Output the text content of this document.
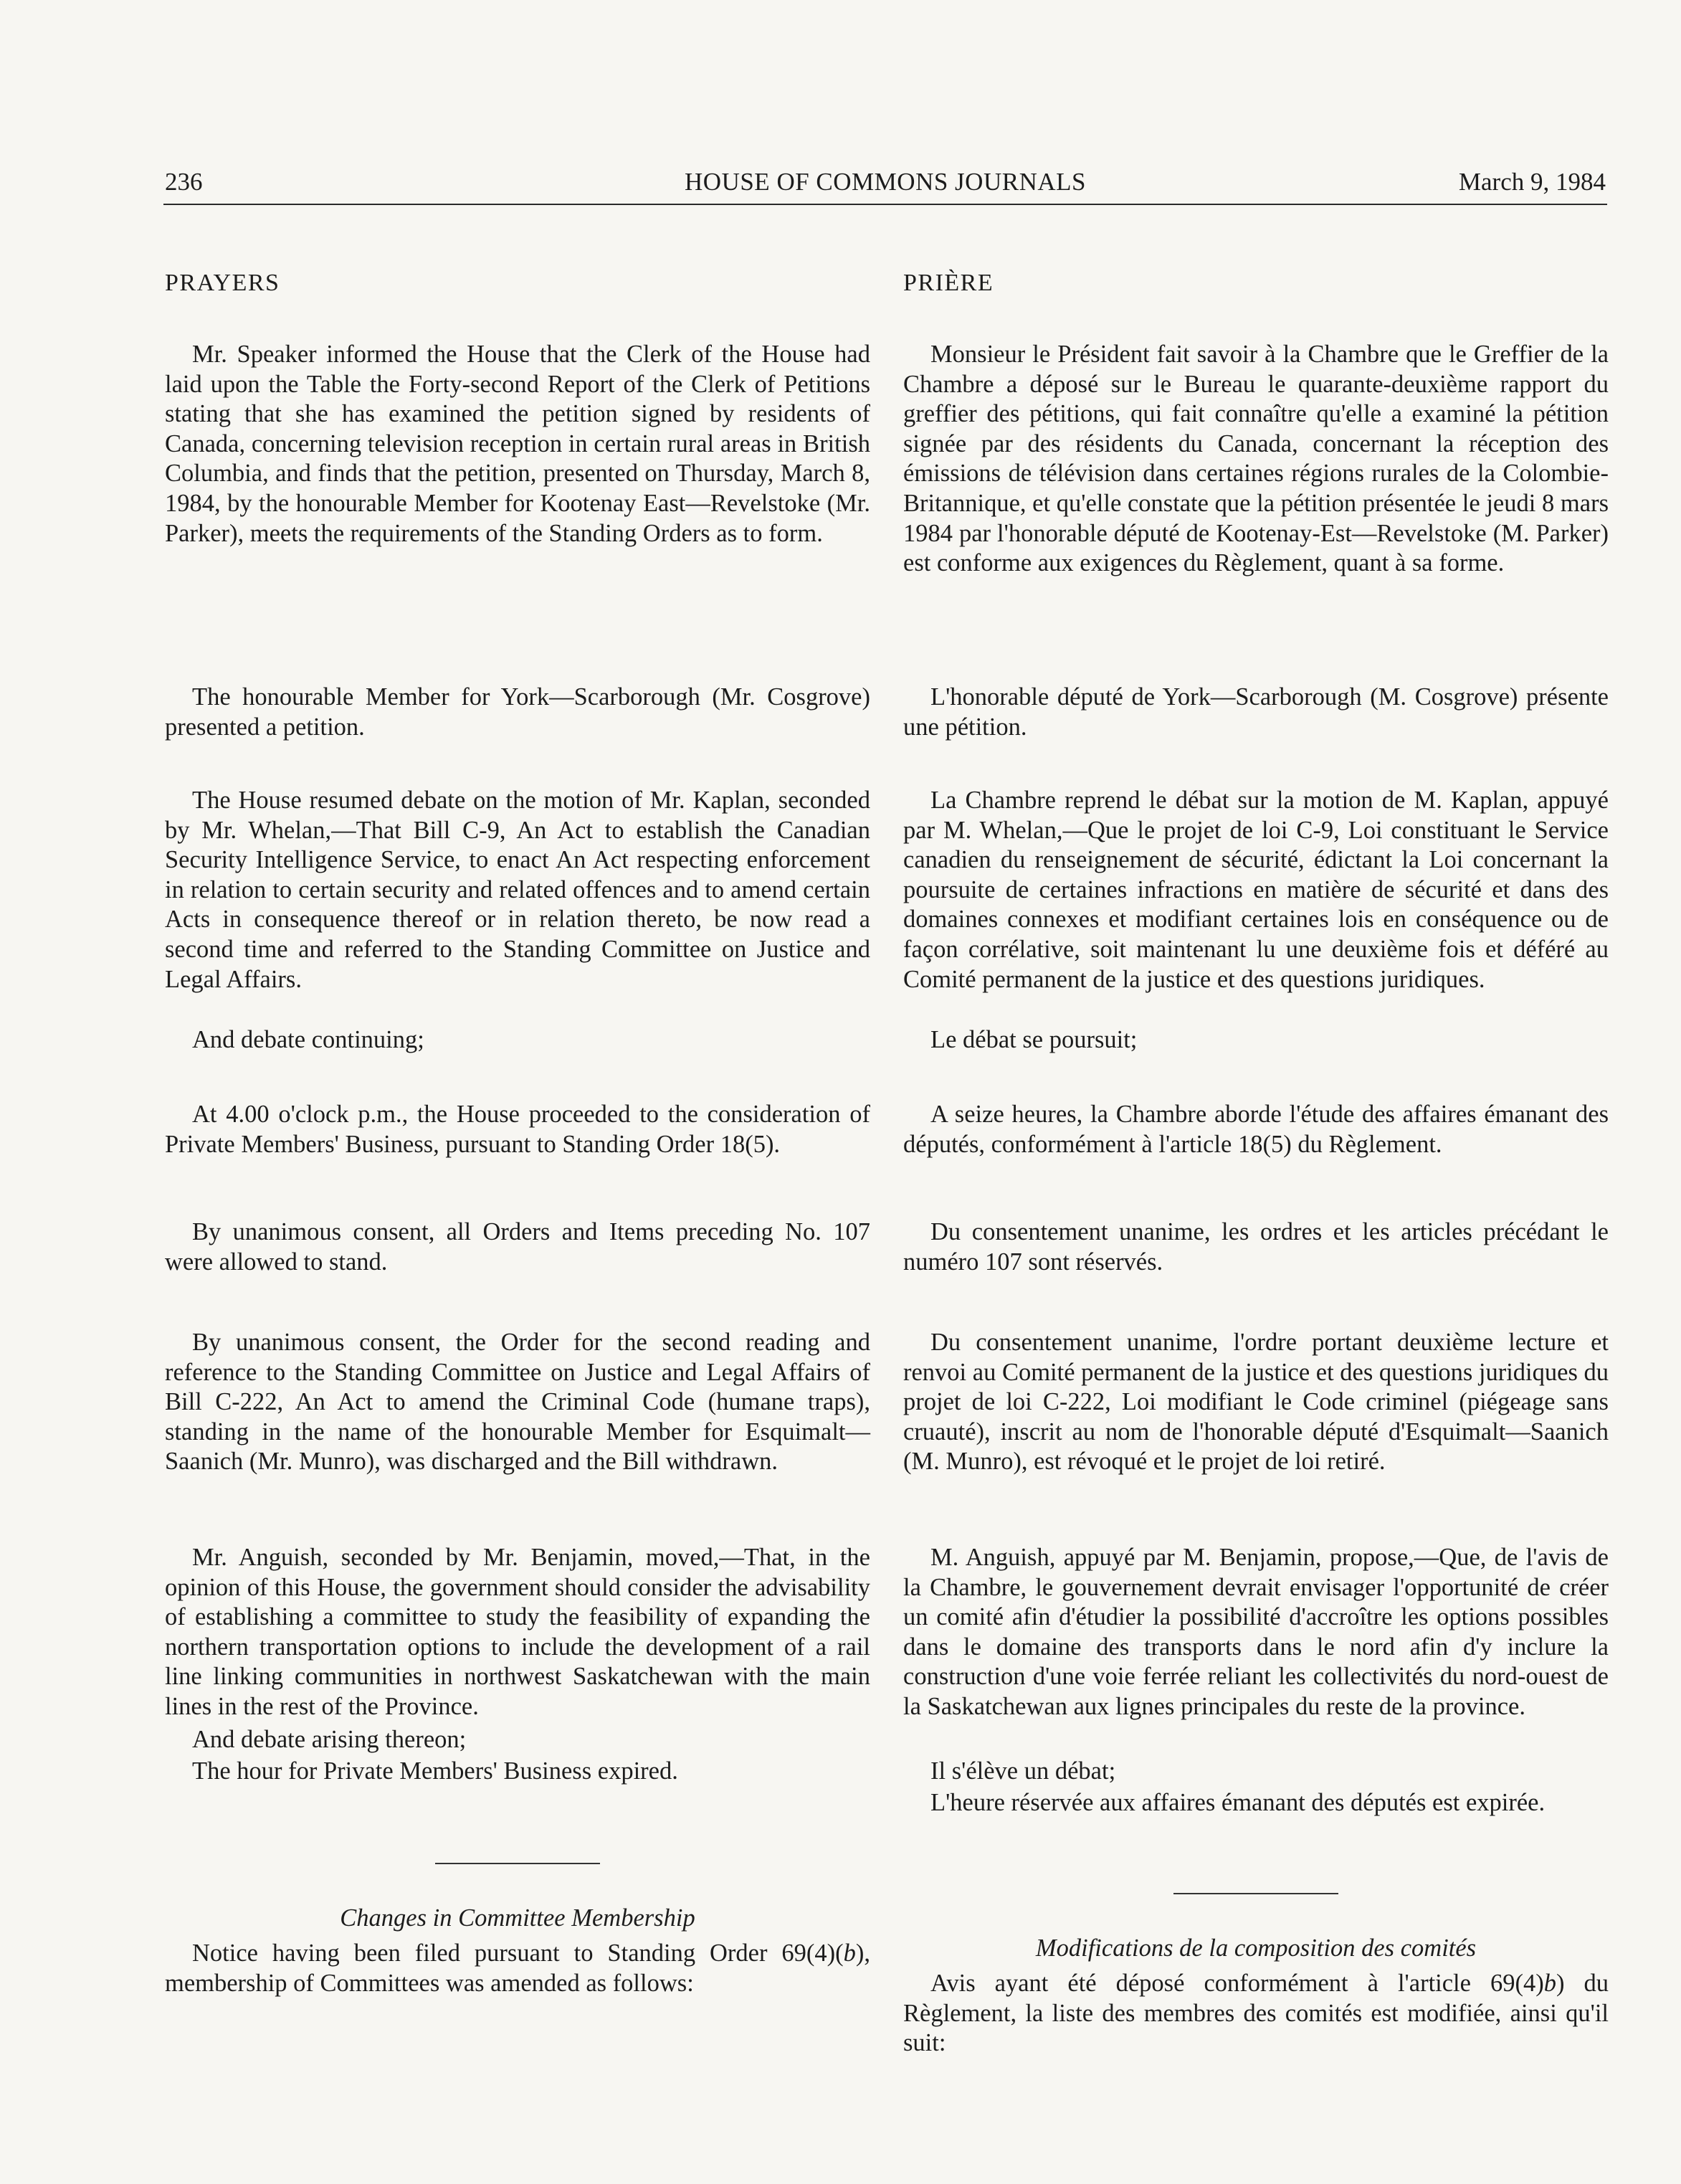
236	HOUSE OF COMMONS JOURNALS	March 9, 1984
PRAYERS
Mr. Speaker informed the House that the Clerk of the House had laid upon the Table the Forty-second Report of the Clerk of Petitions stating that she has examined the petition signed by residents of Canada, concerning television reception in certain rural areas in British Columbia, and finds that the petition, presented on Thursday, March 8, 1984, by the honourable Member for Kootenay East—Revelstoke (Mr. Parker), meets the requirements of the Standing Orders as to form.
The honourable Member for York—Scarborough (Mr. Cosgrove) presented a petition.
The House resumed debate on the motion of Mr. Kaplan, seconded by Mr. Whelan,—That Bill C-9, An Act to establish the Canadian Security Intelligence Service, to enact An Act respecting enforcement in relation to certain security and related offences and to amend certain Acts in consequence thereof or in relation thereto, be now read a second time and referred to the Standing Committee on Justice and Legal Affairs.
And debate continuing;
At 4.00 o'clock p.m., the House proceeded to the consideration of Private Members' Business, pursuant to Standing Order 18(5).
By unanimous consent, all Orders and Items preceding No. 107 were allowed to stand.
By unanimous consent, the Order for the second reading and reference to the Standing Committee on Justice and Legal Affairs of Bill C-222, An Act to amend the Criminal Code (humane traps), standing in the name of the honourable Member for Esquimalt—Saanich (Mr. Munro), was discharged and the Bill withdrawn.
Mr. Anguish, seconded by Mr. Benjamin, moved,—That, in the opinion of this House, the government should consider the advisability of establishing a committee to study the feasibility of expanding the northern transportation options to include the development of a rail line linking communities in northwest Saskatchewan with the main lines in the rest of the Province.
And debate arising thereon;
The hour for Private Members' Business expired.
Changes in Committee Membership
Notice having been filed pursuant to Standing Order 69(4)(b), membership of Committees was amended as follows:
PRIÈRE
Monsieur le Président fait savoir à la Chambre que le Greffier de la Chambre a déposé sur le Bureau le quarante-deuxième rapport du greffier des pétitions, qui fait connaître qu'elle a examiné la pétition signée par des résidents du Canada, concernant la réception des émissions de télévision dans certaines régions rurales de la Colombie-Britannique, et qu'elle constate que la pétition présentée le jeudi 8 mars 1984 par l'honorable député de Kootenay-Est—Revelstoke (M. Parker) est conforme aux exigences du Règlement, quant à sa forme.
L'honorable député de York—Scarborough (M. Cosgrove) présente une pétition.
La Chambre reprend le débat sur la motion de M. Kaplan, appuyé par M. Whelan,—Que le projet de loi C-9, Loi constituant le Service canadien du renseignement de sécurité, édictant la Loi concernant la poursuite de certaines infractions en matière de sécurité et dans des domaines connexes et modifiant certaines lois en conséquence ou de façon corrélative, soit maintenant lu une deuxième fois et déféré au Comité permanent de la justice et des questions juridiques.
Le débat se poursuit;
A seize heures, la Chambre aborde l'étude des affaires émanant des députés, conformément à l'article 18(5) du Règlement.
Du consentement unanime, les ordres et les articles précédant le numéro 107 sont réservés.
Du consentement unanime, l'ordre portant deuxième lecture et renvoi au Comité permanent de la justice et des questions juridiques du projet de loi C-222, Loi modifiant le Code criminel (piégeage sans cruauté), inscrit au nom de l'honorable député d'Esquimalt—Saanich (M. Munro), est révoqué et le projet de loi retiré.
M. Anguish, appuyé par M. Benjamin, propose,—Que, de l'avis de la Chambre, le gouvernement devrait envisager l'opportunité de créer un comité afin d'étudier la possibilité d'accroître les options possibles dans le domaine des transports dans le nord afin d'y inclure la construction d'une voie ferrée reliant les collectivités du nord-ouest de la Saskatchewan aux lignes principales du reste de la province.
Il s'élève un débat;
L'heure réservée aux affaires émanant des députés est expirée.
Modifications de la composition des comités
Avis ayant été déposé conformément à l'article 69(4)b) du Règlement, la liste des membres des comités est modifiée, ainsi qu'il suit:
